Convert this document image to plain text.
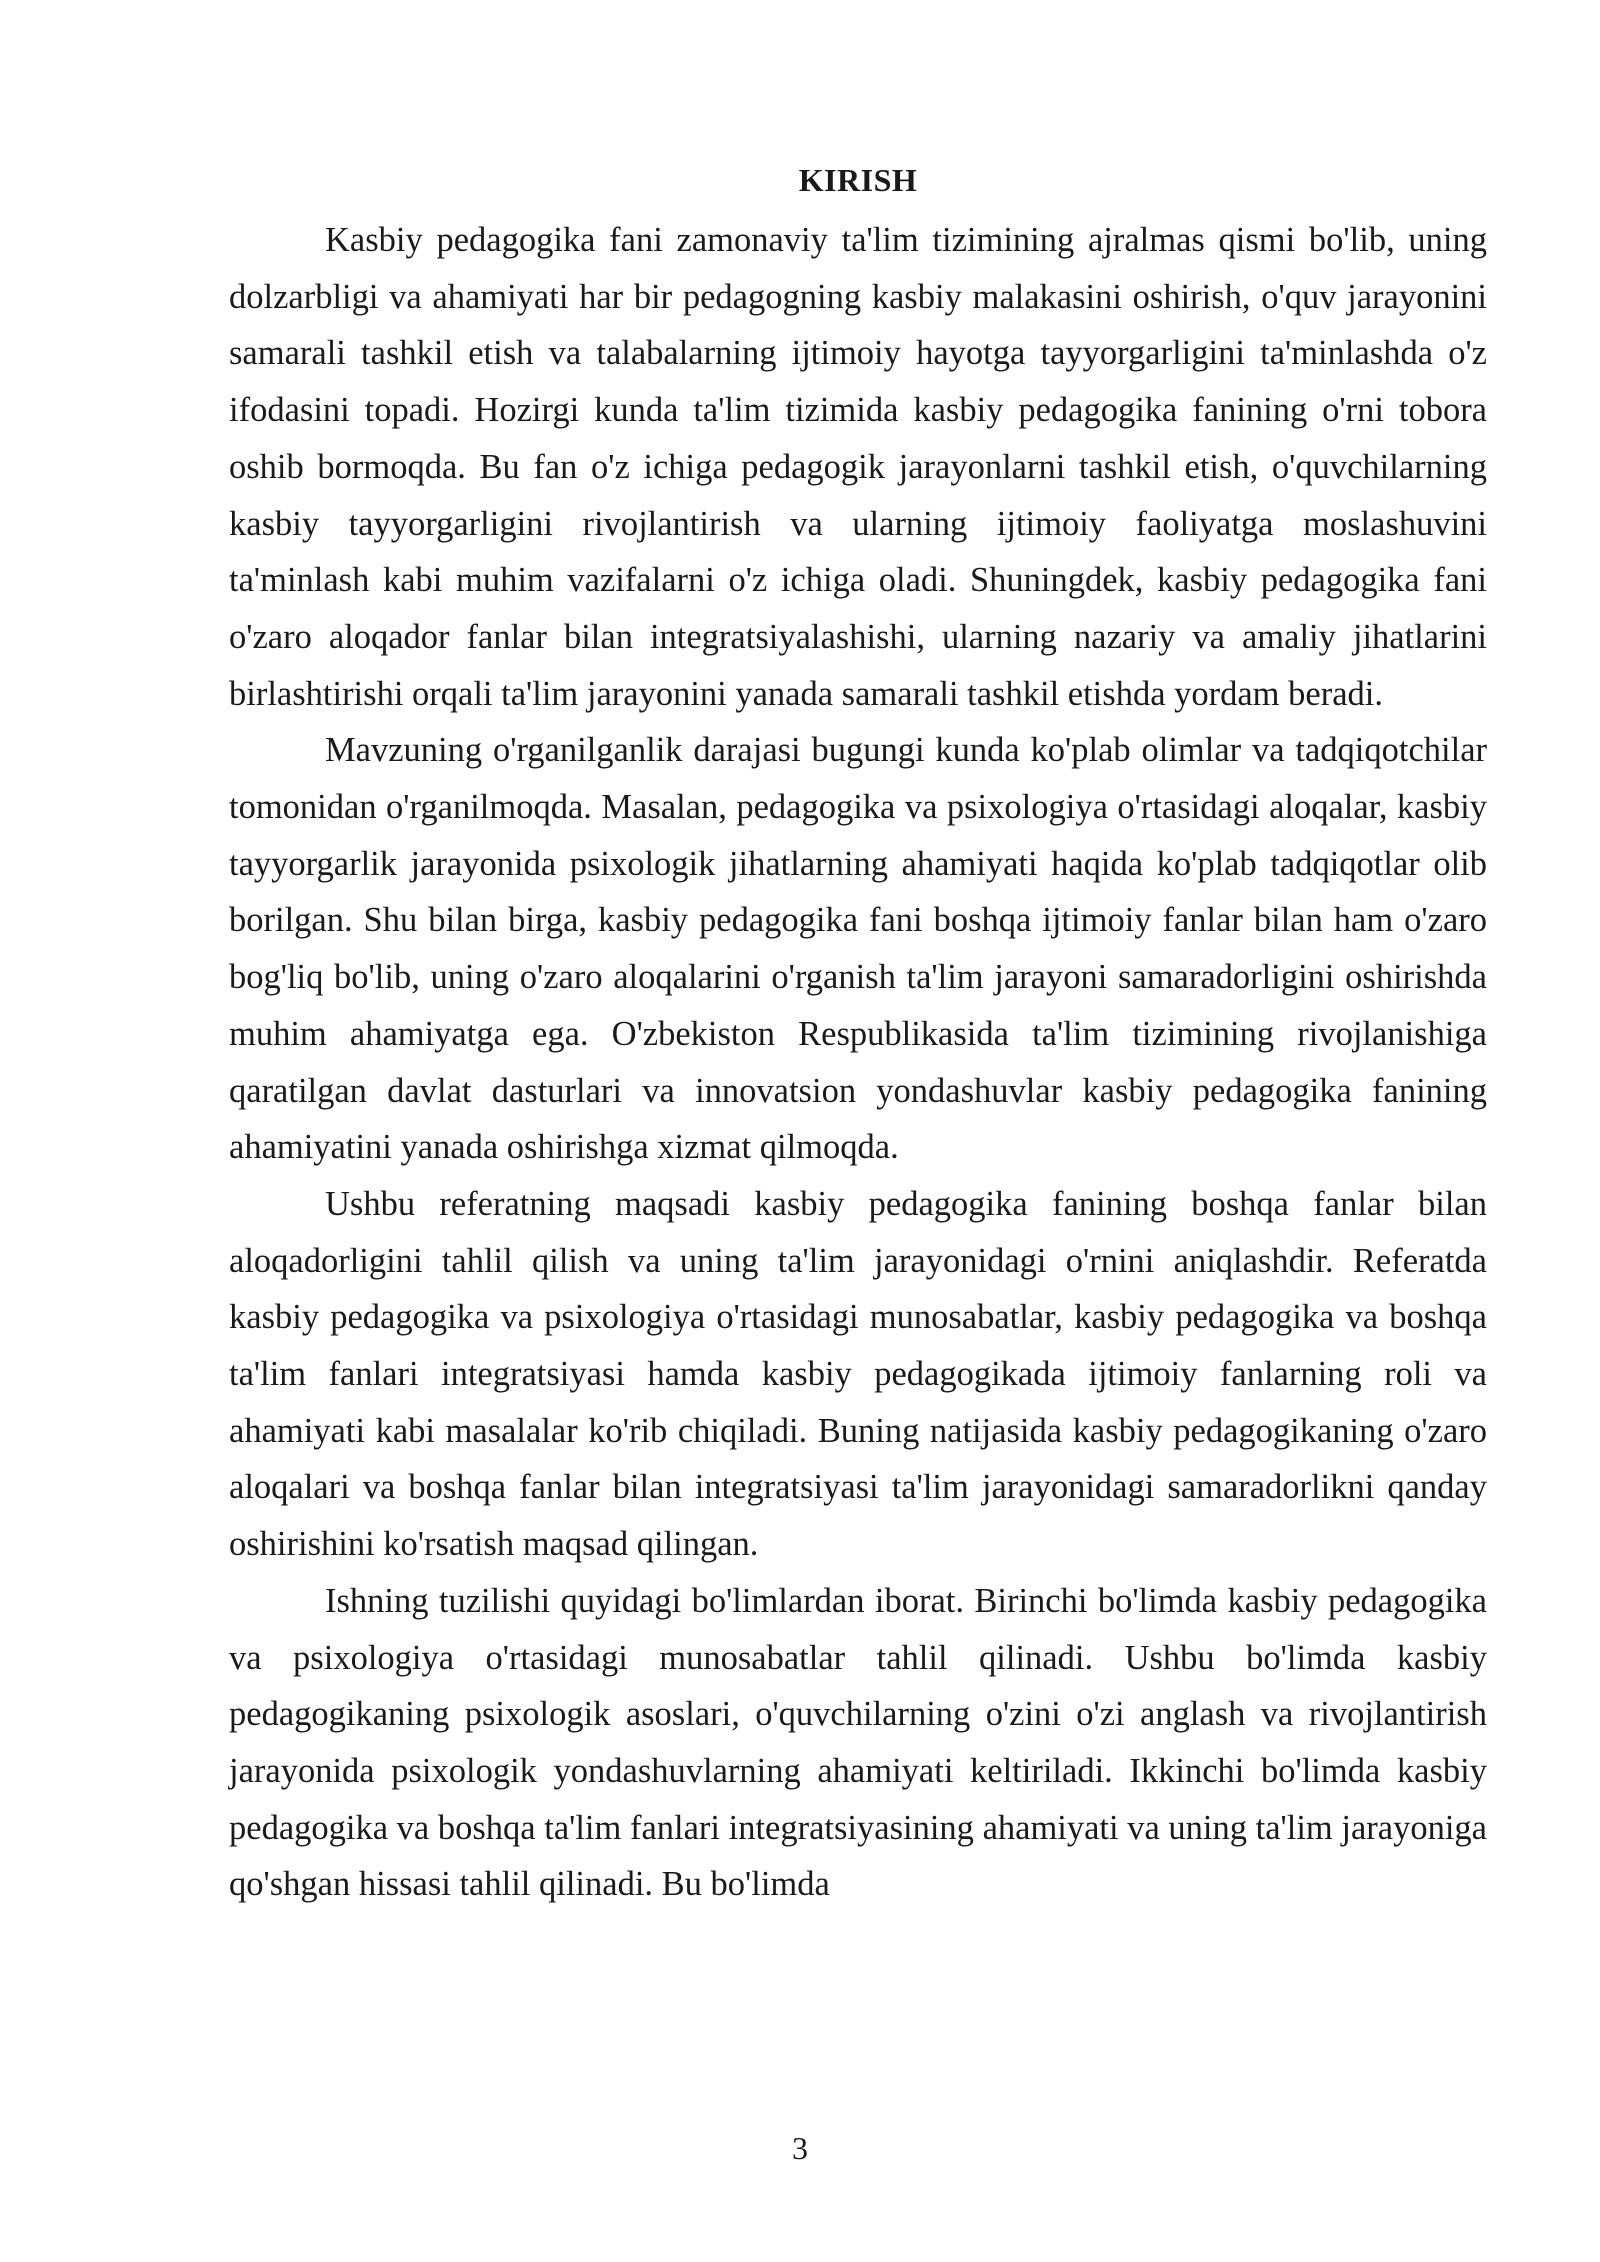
KIRISH

Kasbiy pedagogika fani zamonaviy ta'lim tizimining ajralmas qismi bo'lib, uning dolzarbligi va ahamiyati har bir pedagogning kasbiy malakasini oshirish, o'quv jarayonini samarali tashkil etish va talabalarning ijtimoiy hayotga tayyorgarligini ta'minlashda o'z ifodasini topadi. Hozirgi kunda ta'lim tizimida kasbiy pedagogika fanining o'rni tobora oshib bormoqda. Bu fan o'z ichiga pedagogik jarayonlarni tashkil etish, o'quvchilarning kasbiy tayyorgarligini rivojlantirish va ularning ijtimoiy faoliyatga moslashuvini ta'minlash kabi muhim vazifalarni o'z ichiga oladi. Shuningdek, kasbiy pedagogika fani o'zaro aloqador fanlar bilan integratsiyalashishi, ularning nazariy va amaliy jihatlarini birlashtirishi orqali ta'lim jarayonini yanada samarali tashkil etishda yordam beradi.

Mavzuning o'rganilganlik darajasi bugungi kunda ko'plab olimlar va tadqiqotchilar tomonidan o'rganilmoqda. Masalan, pedagogika va psixologiya o'rtasidagi aloqalar, kasbiy tayyorgarlik jarayonida psixologik jihatlarning ahamiyati haqida ko'plab tadqiqotlar olib borilgan. Shu bilan birga, kasbiy pedagogika fani boshqa ijtimoiy fanlar bilan ham o'zaro bog'liq bo'lib, uning o'zaro aloqalarini o'rganish ta'lim jarayoni samaradorligini oshirishda muhim ahamiyatga ega. O'zbekiston Respublikasida ta'lim tizimining rivojlanishiga qaratilgan davlat dasturlari va innovatsion yondashuvlar kasbiy pedagogika fanining ahamiyatini yanada oshirishga xizmat qilmoqda.

Ushbu referatning maqsadi kasbiy pedagogika fanining boshqa fanlar bilan aloqadorligini tahlil qilish va uning ta'lim jarayonidagi o'rnini aniqlashdir. Referatda kasbiy pedagogika va psixologiya o'rtasidagi munosabatlar, kasbiy pedagogika va boshqa ta'lim fanlari integratsiyasi hamda kasbiy pedagogikada ijtimoiy fanlarning roli va ahamiyati kabi masalalar ko'rib chiqiladi. Buning natijasida kasbiy pedagogikaning o'zaro aloqalari va boshqa fanlar bilan integratsiyasi ta'lim jarayonidagi samaradorlikni qanday oshirishini ko'rsatish maqsad qilingan.

Ishning tuzilishi quyidagi bo'limlardan iborat. Birinchi bo'limda kasbiy pedagogika va psixologiya o'rtasidagi munosabatlar tahlil qilinadi. Ushbu bo'limda kasbiy pedagogikaning psixologik asoslari, o'quvchilarning o'zini o'zi anglash va rivojlantirish jarayonida psixologik yondashuvlarning ahamiyati keltiriladi. Ikkinchi bo'limda kasbiy pedagogika va boshqa ta'lim fanlari integratsiyasining ahamiyati va uning ta'lim jarayoniga qo'shgan hissasi tahlil qilinadi. Bu bo'limda

3
